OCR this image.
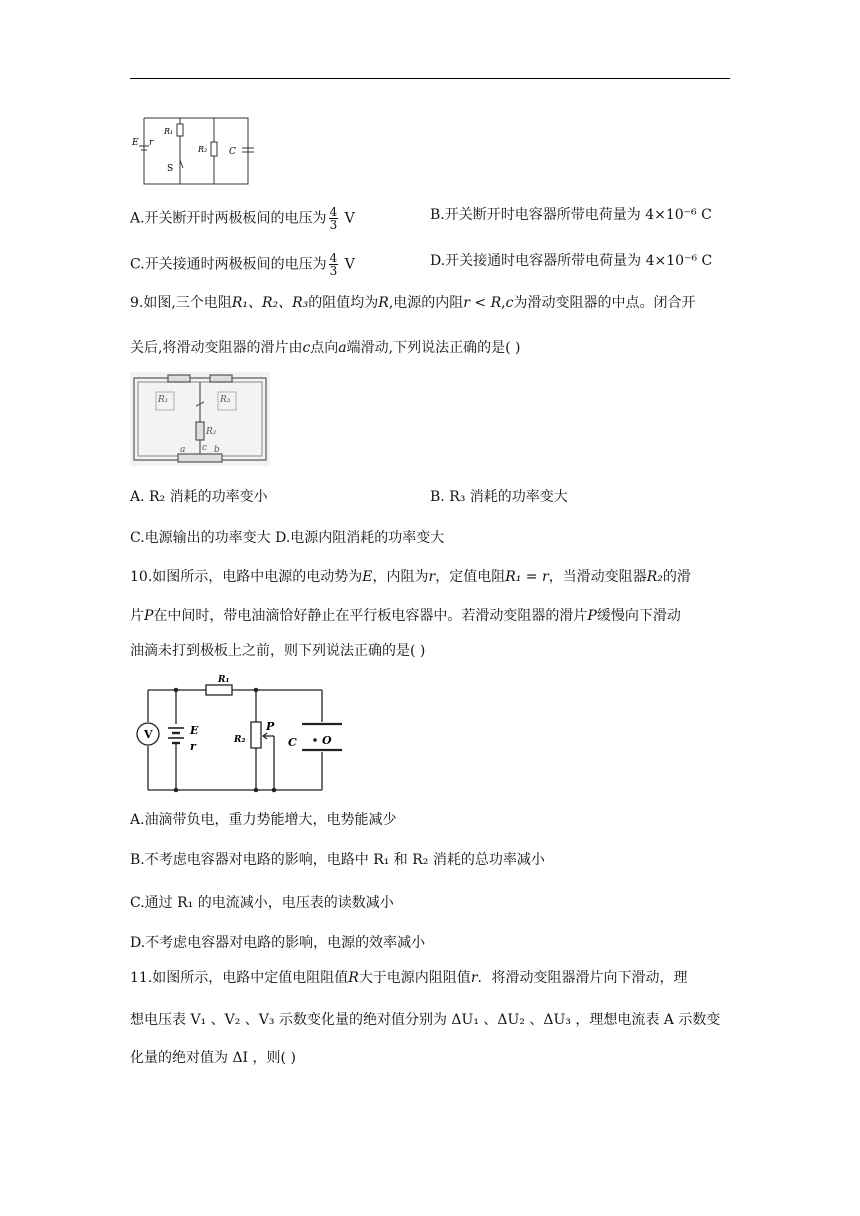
E r
R₁
R₂ C
S
A.开关断开时两极板间的电压为 $\frac{4}{3}$ V	B.开关断开时电容器所带电荷量为 4×10⁻⁶ C
C.开关接通时两极板间的电压为 $\frac{4}{3}$ V	D.开关接通时电容器所带电荷量为 4×10⁻⁶ C
9.如图,三个电阻R₁、R₂、R₃的阻值均为R,电源的内阻r < R,c为滑动变阻器的中点。闭合开
关后,将滑动变阻器的滑片由c点向a端滑动,下列说法正确的是( )
R₁	R₃
R₂
a	b
c
A. R₂ 消耗的功率变小	B. R₃ 消耗的功率变大
C.电源输出的功率变大 D.电源内阻消耗的功率变大
10.如图所示，电路中电源的电动势为E，内阻为r，定值电阻R₁ = r，当滑动变阻器R₂的滑
片P在中间时，带电油滴恰好静止在平行板电容器中。若滑动变阻器的滑片P缓慢向下滑动
油滴未打到极板上之前，则下列说法正确的是( )
V
R₁
E
r	R₂
P
C O
A.油滴带负电，重力势能增大，电势能减少
B.不考虑电容器对电路的影响，电路中 R₁ 和 R₂ 消耗的总功率减小
C.通过 R₁ 的电流减小，电压表的读数减小
D.不考虑电容器对电路的影响，电源的效率减小
11.如图所示，电路中定值电阻阻值R大于电源内阻阻值r．将滑动变阻器滑片向下滑动，理
想电压表 V₁ 、V₂ 、V₃ 示数变化量的绝对值分别为 ΔU₁ 、ΔU₂ 、ΔU₃ ，理想电流表 A 示数变
化量的绝对值为 ΔI ，则( )
